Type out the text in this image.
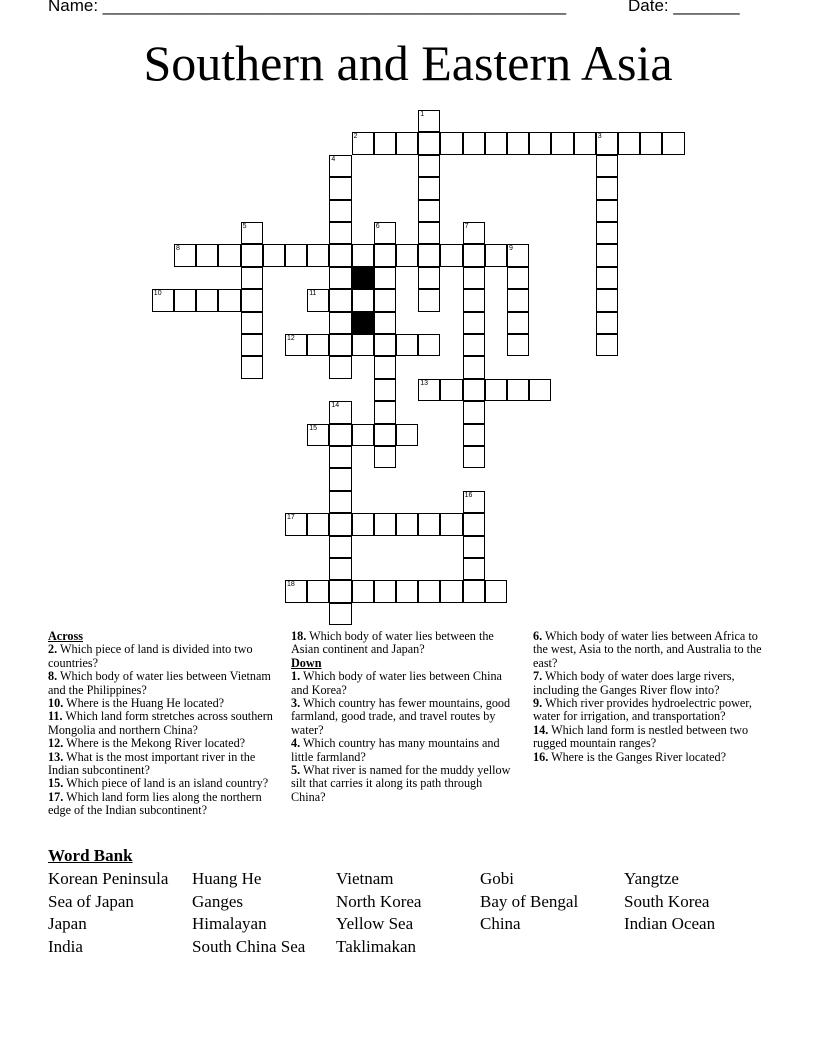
Name: _________________________________________________	Date: _______
Southern and Eastern Asia
1
2	3
4
5	6	7
8	9
10	11
12
13
14
15
16
17
18

Across

2. Which piece of land is divided into two countries?

8. Which body of water lies between Vietnam and the Philippines?

10. Where is the Huang He located?

11. Which land form stretches across southern Mongolia and northern China?

12. Where is the Mekong River located?

13. What is the most important river in the Indian subcontinent?

15. Which piece of land is an island country?

17. Which land form lies along the northern edge of the Indian subcontinent?

18. Which body of water lies between the Asian continent and Japan?

Down

1. Which body of water lies between China and Korea?

3. Which country has fewer mountains, good farmland, good trade, and travel routes by water?

4. Which country has many mountains and little farmland?

5. What river is named for the muddy yellow silt that carries it along its path through China?

6. Which body of water lies between Africa to the west, Asia to the north, and Australia to the east?

7. Which body of water does large rivers, including the Ganges River flow into?

9. Which river provides hydroelectric power, water for irrigation, and transportation?

14. Which land form is nestled between two rugged mountain ranges?

16. Where is the Ganges River located?

Word Bank
Korean Peninsula	Huang He	Vietnam	Gobi	Yangtze
Sea of Japan	Ganges	North Korea	Bay of Bengal	South Korea
Japan	Himalayan	Yellow Sea	China	Indian Ocean
India	South China Sea	Taklimakan
